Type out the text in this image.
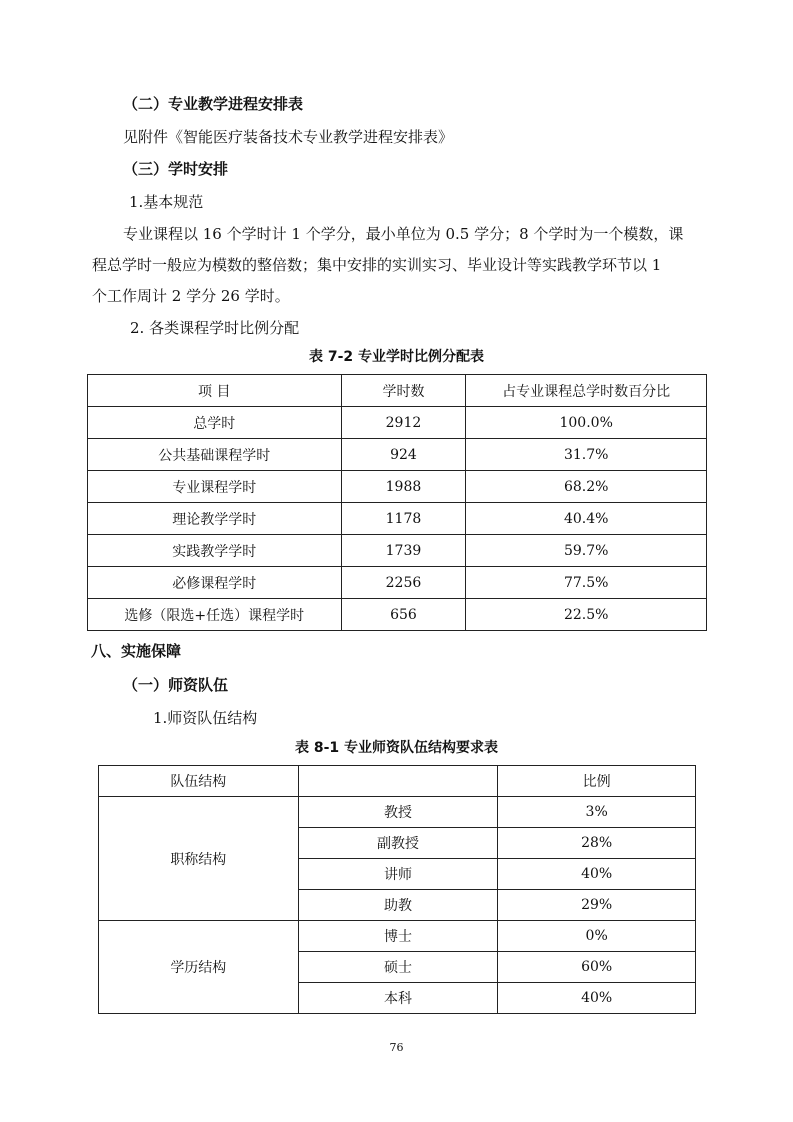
（二）专业教学进程安排表
见附件《智能医疗装备技术专业教学进程安排表》
（三）学时安排
1.基本规范
专业课程以 16 个学时计 1 个学分，最小单位为 0.5 学分；8 个学时为一个模数，课
程总学时一般应为模数的整倍数；集中安排的实训实习、毕业设计等实践教学环节以 1
个工作周计 2 学分 26 学时。
2. 各类课程学时比例分配
表 7-2 专业学时比例分配表
项 目	学时数	占专业课程总学时数百分比
总学时	2912	100.0%
公共基础课程学时	924	31.7%
专业课程学时	1988	68.2%
理论教学学时	1178	40.4%
实践教学学时	1739	59.7%
必修课程学时	2256	77.5%
选修（限选+任选）课程学时	656	22.5%
八、实施保障
（一）师资队伍
1.师资队伍结构
表 8-1 专业师资队伍结构要求表
队伍结构		比例
职称结构	教授	3%
	副教授	28%
	讲师	40%
	助教	29%
学历结构	博士	0%
	硕士	60%
	本科	40%
76
